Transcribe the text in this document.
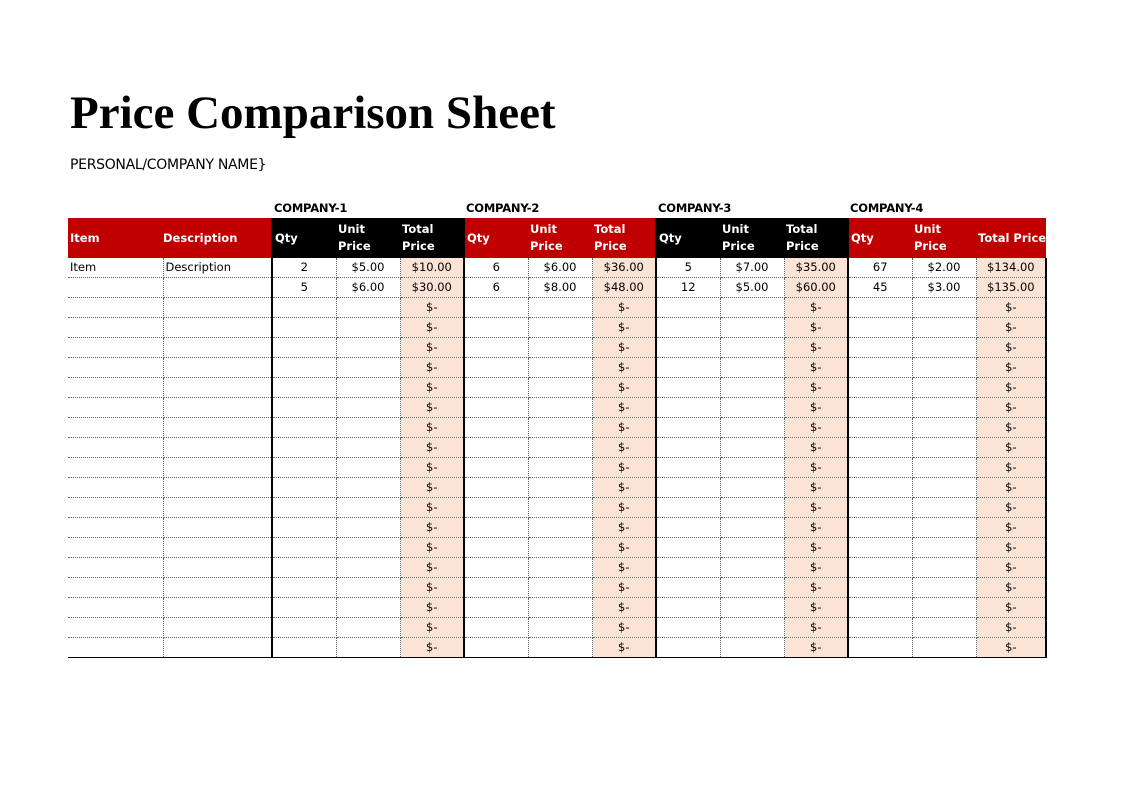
Price Comparison Sheet
PERSONAL/COMPANY NAME}
COMPANY-1	COMPANY-2	COMPANY-3	COMPANY-4
Item	Description	Qty	Unit Price	Total Price	Qty	Unit Price	Total Price	Qty	Unit Price	Total Price	Qty	Unit Price	Total Price
Item	Description	2	$5.00	$10.00	6	$6.00	$36.00	5	$7.00	$35.00	67	$2.00	$134.00
		5	$6.00	$30.00	6	$8.00	$48.00	12	$5.00	$60.00	45	$3.00	$135.00
				$-			$-			$-			$-
				$-			$-			$-			$-
				$-			$-			$-			$-
				$-			$-			$-			$-
				$-			$-			$-			$-
				$-			$-			$-			$-
				$-			$-			$-			$-
				$-			$-			$-			$-
				$-			$-			$-			$-
				$-			$-			$-			$-
				$-			$-			$-			$-
				$-			$-			$-			$-
				$-			$-			$-			$-
				$-			$-			$-			$-
				$-			$-			$-			$-
				$-			$-			$-			$-
				$-			$-			$-			$-
				$-			$-			$-			$-
